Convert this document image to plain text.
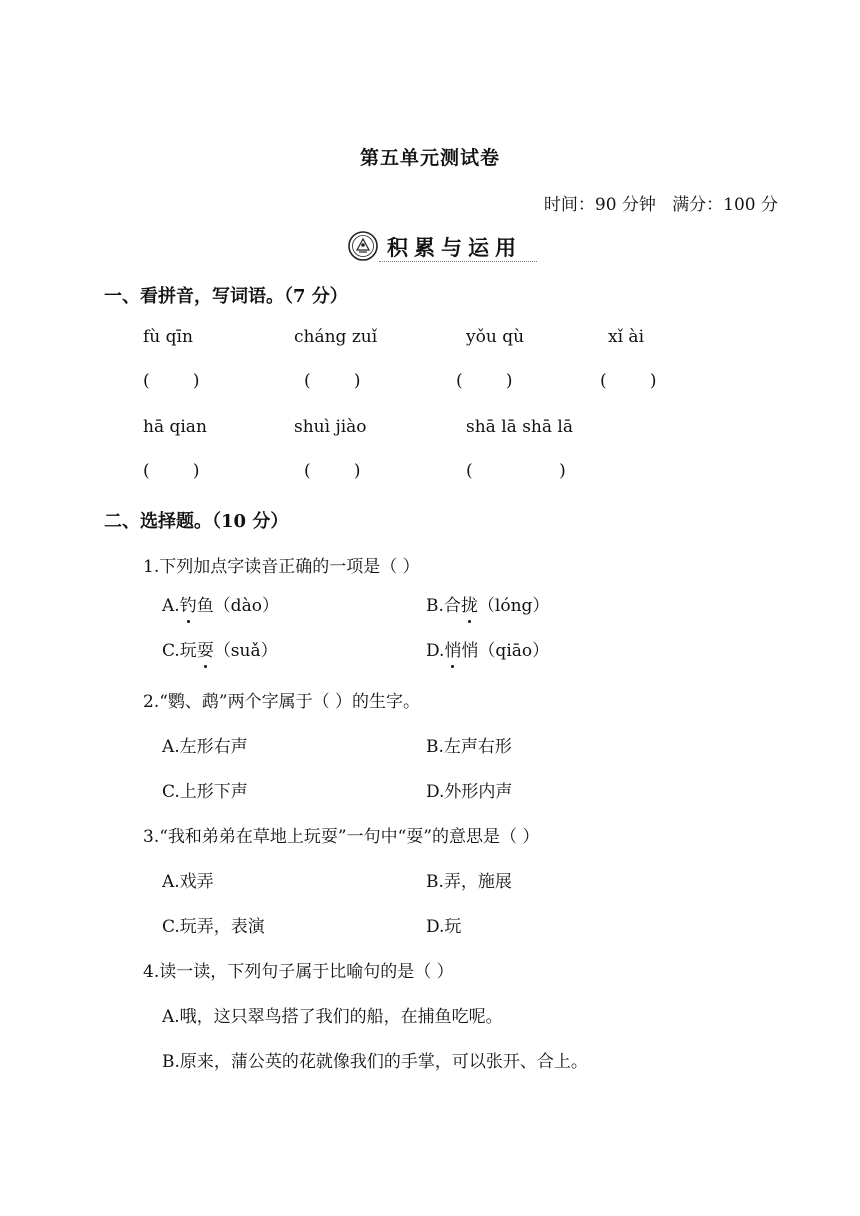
第五单元测试卷
时间：90 分钟   满分：100 分
积累与运用
一、看拼音，写词语。（7 分）
fù qīn	cháng zuǐ	yǒu qù	xǐ ài
(        )	(        )	(        )	(        )
hā qian	shuì jiào	shā lā shā lā
(        )	(        )	(                )
二、选择题。（10 分）
1.下列加点字读音正确的一项是（ ）
A.钓鱼（dào）	B.合拢（lóng）
C.玩耍（suǎ）	D.悄悄（qiāo）
2.“鹦、鹉”两个字属于（ ）的生字。
A.左形右声	B.左声右形
C.上形下声	D.外形内声
3.“我和弟弟在草地上玩耍”一句中“耍”的意思是（ ）
A.戏弄	B.弄，施展
C.玩弄，表演	D.玩
4.读一读，下列句子属于比喻句的是（ ）
A.哦，这只翠鸟搭了我们的船，在捕鱼吃呢。
B.原来，蒲公英的花就像我们的手掌，可以张开、合上。
